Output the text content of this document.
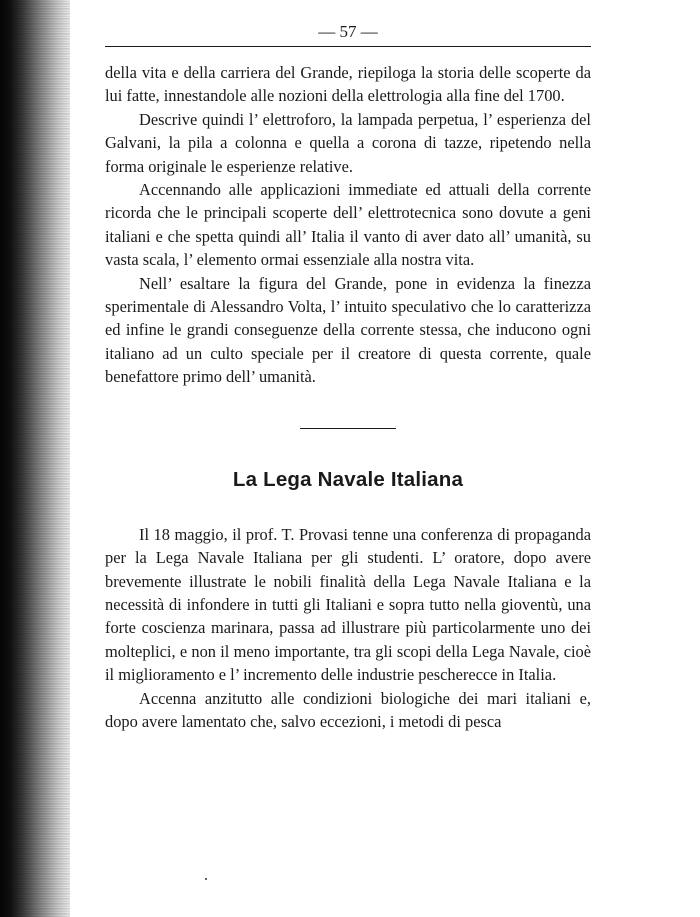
— 57 —

della vita e della carriera del Grande, riepiloga la storia delle scoperte da lui fatte, innestandole alle nozioni della elettrologia alla fine del 1700.

Descrive quindi l’ elettroforo, la lampada perpetua, l’ esperienza del Galvani, la pila a colonna e quella a corona di tazze, ripetendo nella forma originale le esperienze relative.

Accennando alle applicazioni immediate ed attuali della corrente ricorda che le principali scoperte dell’ elettrotecnica sono dovute a geni italiani e che spetta quindi all’ Italia il vanto di aver dato all’ umanità, su vasta scala, l’ elemento ormai essenziale alla nostra vita.

Nell’ esaltare la figura del Grande, pone in evidenza la finezza sperimentale di Alessandro Volta, l’ intuito speculativo che lo caratterizza ed infine le grandi conseguenze della corrente stessa, che inducono ogni italiano ad un culto speciale per il creatore di questa corrente, quale benefattore primo dell’ umanità.

La Lega Navale Italiana

Il 18 maggio, il prof. T. Provasi tenne una conferenza di propaganda per la Lega Navale Italiana per gli studenti. L’ oratore, dopo avere brevemente illustrate le nobili finalità della Lega Navale Italiana e la necessità di infondere in tutti gli Italiani e sopra tutto nella gioventù, una forte coscienza marinara, passa ad illustrare più particolarmente uno dei molteplici, e non il meno importante, tra gli scopi della Lega Navale, cioè il miglioramento e l’ incremento delle industrie pescherecce in Italia.

Accenna anzitutto alle condizioni biologiche dei mari italiani e, dopo avere lamentato che, salvo eccezioni, i metodi di pesca
